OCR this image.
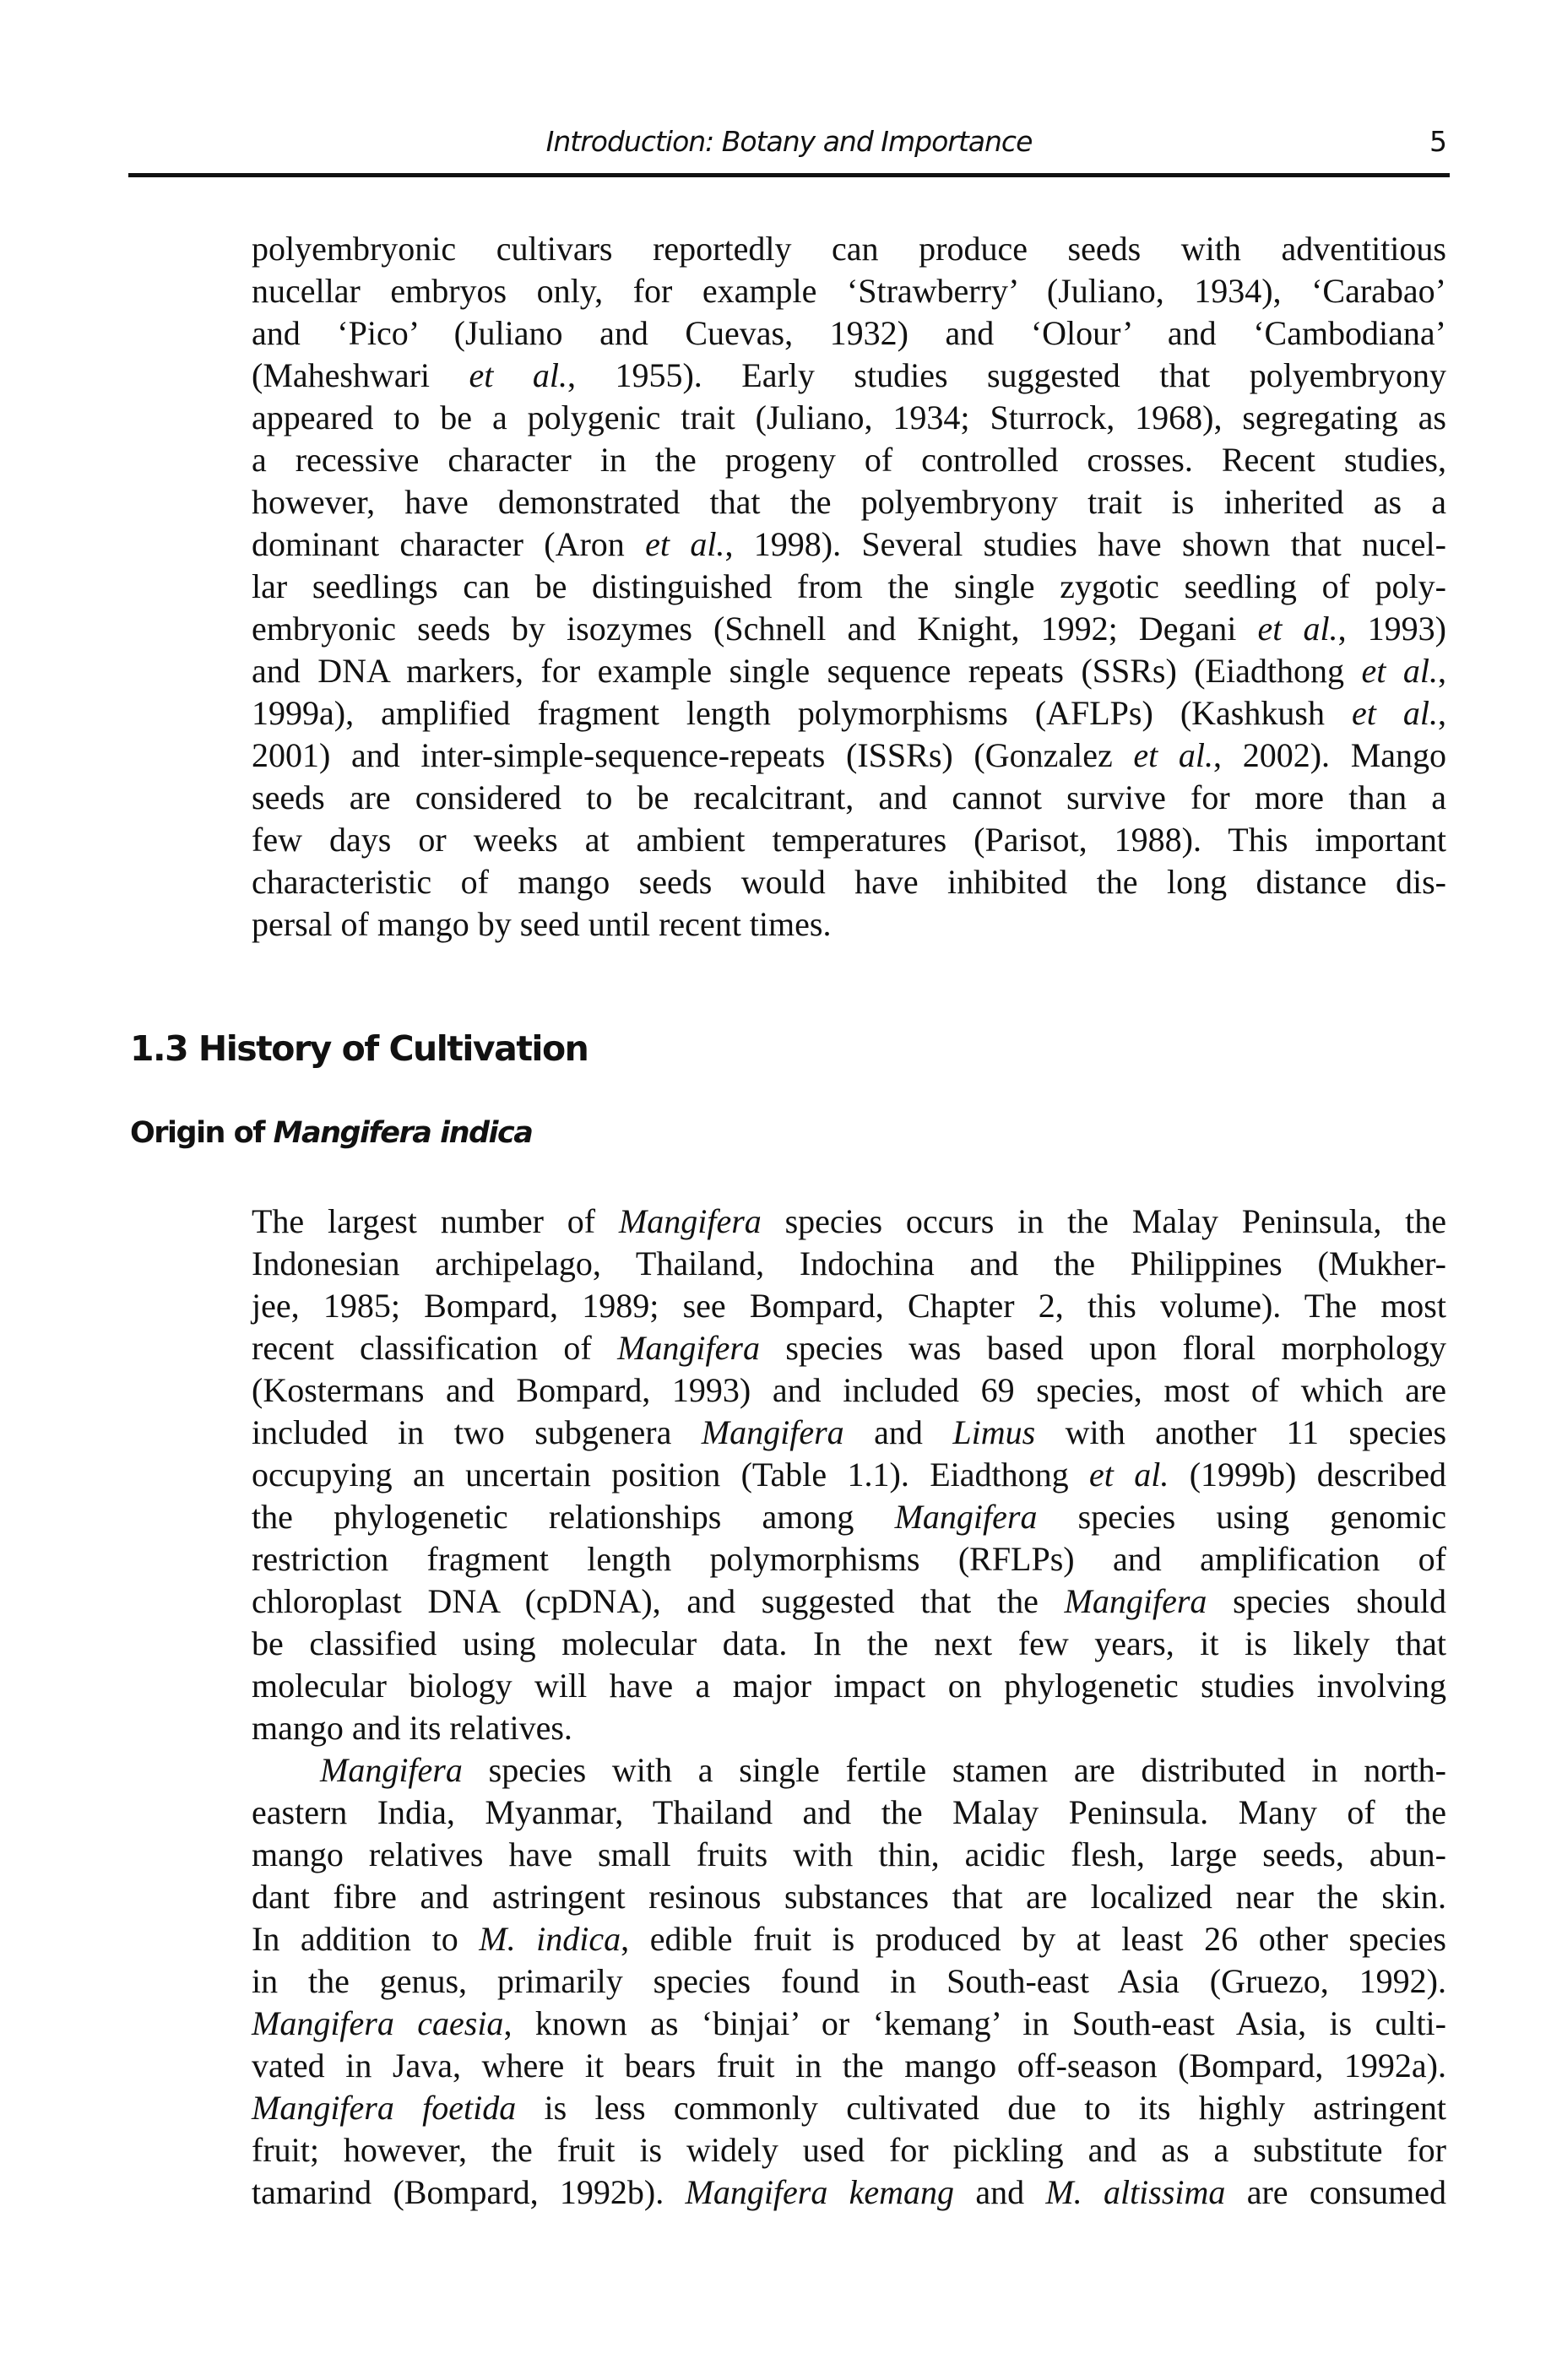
Introduction: Botany and Importance	5
polyembryonic cultivars reportedly can produce seeds with adventitious
nucellar embryos only, for example ‘Strawberry’ (Juliano, 1934), ‘Carabao’
and ‘Pico’ (Juliano and Cuevas, 1932) and ‘Olour’ and ‘Cambodiana’
(Maheshwari et al., 1955). Early studies suggested that polyembryony
appeared to be a polygenic trait (Juliano, 1934; Sturrock, 1968), segregating as
a recessive character in the progeny of controlled crosses. Recent studies,
however, have demonstrated that the polyembryony trait is inherited as a
dominant character (Aron et al., 1998). Several studies have shown that nucel-
lar seedlings can be distinguished from the single zygotic seedling of poly-
embryonic seeds by isozymes (Schnell and Knight, 1992; Degani et al., 1993)
and DNA markers, for example single sequence repeats (SSRs) (Eiadthong et al.,
1999a), amplified fragment length polymorphisms (AFLPs) (Kashkush et al.,
2001) and inter-simple-sequence-repeats (ISSRs) (Gonzalez et al., 2002). Mango
seeds are considered to be recalcitrant, and cannot survive for more than a
few days or weeks at ambient temperatures (Parisot, 1988). This important
characteristic of mango seeds would have inhibited the long distance dis-
persal of mango by seed until recent times.
1.3 History of Cultivation
Origin of Mangifera indica
The largest number of Mangifera species occurs in the Malay Peninsula, the
Indonesian archipelago, Thailand, Indochina and the Philippines (Mukher-
jee, 1985; Bompard, 1989; see Bompard, Chapter 2, this volume). The most
recent classification of Mangifera species was based upon floral morphology
(Kostermans and Bompard, 1993) and included 69 species, most of which are
included in two subgenera Mangifera and Limus with another 11 species
occupying an uncertain position (Table 1.1). Eiadthong et al. (1999b) described
the phylogenetic relationships among Mangifera species using genomic
restriction fragment length polymorphisms (RFLPs) and amplification of
chloroplast DNA (cpDNA), and suggested that the Mangifera species should
be classified using molecular data. In the next few years, it is likely that
molecular biology will have a major impact on phylogenetic studies involving
mango and its relatives.
Mangifera species with a single fertile stamen are distributed in north-
eastern India, Myanmar, Thailand and the Malay Peninsula. Many of the
mango relatives have small fruits with thin, acidic flesh, large seeds, abun-
dant fibre and astringent resinous substances that are localized near the skin.
In addition to M. indica, edible fruit is produced by at least 26 other species
in the genus, primarily species found in South-east Asia (Gruezo, 1992).
Mangifera caesia, known as ‘binjai’ or ‘kemang’ in South-east Asia, is culti-
vated in Java, where it bears fruit in the mango off-season (Bompard, 1992a).
Mangifera foetida is less commonly cultivated due to its highly astringent
fruit; however, the fruit is widely used for pickling and as a substitute for
tamarind (Bompard, 1992b). Mangifera kemang and M. altissima are consumed
